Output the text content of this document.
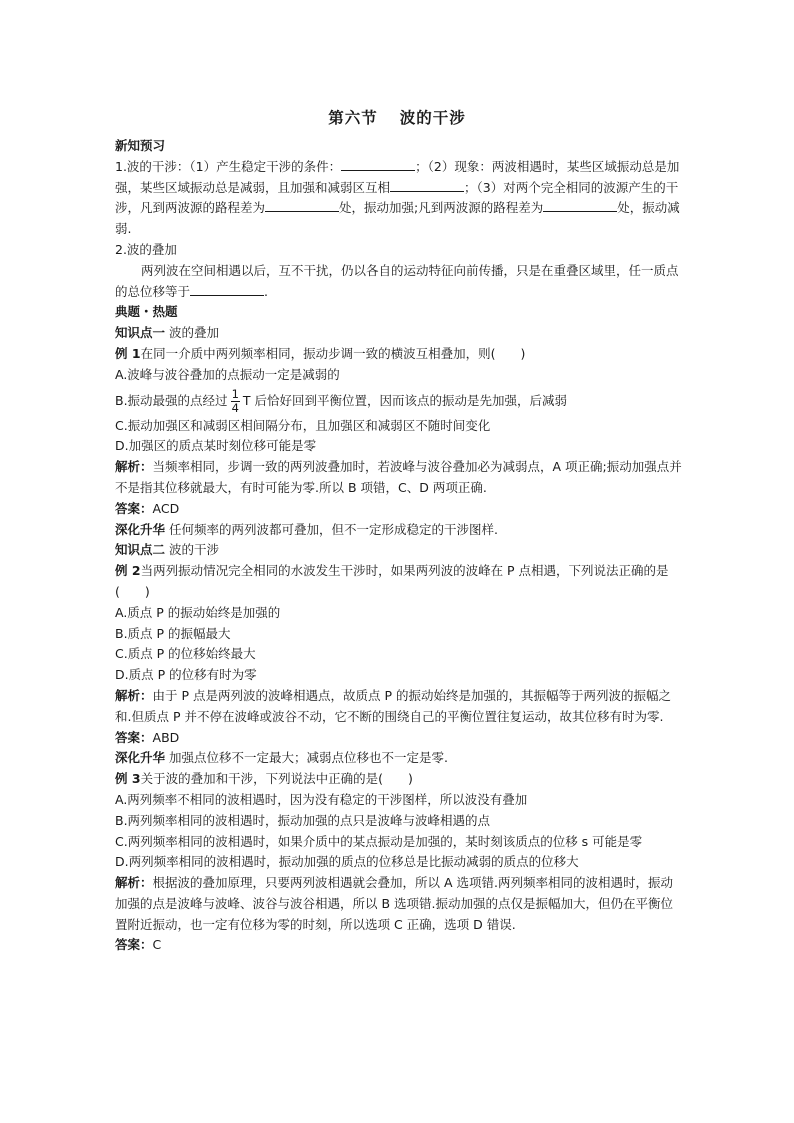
第六节 波的干涉

新知预习

1.波的干涉：（1）产生稳定干涉的条件：	；（2）现象：两波相遇时，某些区域振动总是加强，某些区域振动总是减弱，且加强和减弱区互相	；（3）对两个完全相同的波源产生的干涉，凡到两波源的路程差为	处，振动加强;凡到两波源的路程差为	处，振动减弱.

2.波的叠加

两列波在空间相遇以后，互不干扰，仍以各自的运动特征向前传播，只是在重叠区域里，任一质点的总位移等于	.

典题・热题

知识点一 波的叠加

例 1在同一介质中两列频率相同，振动步调一致的横波互相叠加，则(　　)

A.波峰与波谷叠加的点振动一定是减弱的

B.振动最强的点经过 $\frac{1}{4}$ T 后恰好回到平衡位置，因而该点的振动是先加强，后减弱

C.振动加强区和减弱区相间隔分布，且加强区和减弱区不随时间变化

D.加强区的质点某时刻位移可能是零

解析：当频率相同，步调一致的两列波叠加时，若波峰与波谷叠加必为减弱点，A 项正确;振动加强点并不是指其位移就最大，有时可能为零.所以 B 项错，C、D 两项正确.

答案：ACD

深化升华 任何频率的两列波都可叠加，但不一定形成稳定的干涉图样.

知识点二 波的干涉

例 2当两列振动情况完全相同的水波发生干涉时，如果两列波的波峰在 P 点相遇，下列说法正确的是(　　)

A.质点 P 的振动始终是加强的

B.质点 P 的振幅最大

C.质点 P 的位移始终最大

D.质点 P 的位移有时为零

解析：由于 P 点是两列波的波峰相遇点，故质点 P 的振动始终是加强的，其振幅等于两列波的振幅之和.但质点 P 并不停在波峰或波谷不动，它不断的围绕自己的平衡位置往复运动，故其位移有时为零.

答案：ABD

深化升华 加强点位移不一定最大；减弱点位移也不一定是零.

例 3关于波的叠加和干涉，下列说法中正确的是(　　)

A.两列频率不相同的波相遇时，因为没有稳定的干涉图样，所以波没有叠加

B.两列频率相同的波相遇时，振动加强的点只是波峰与波峰相遇的点

C.两列频率相同的波相遇时，如果介质中的某点振动是加强的，某时刻该质点的位移 s 可能是零

D.两列频率相同的波相遇时，振动加强的质点的位移总是比振动减弱的质点的位移大

解析：根据波的叠加原理，只要两列波相遇就会叠加，所以 A 选项错.两列频率相同的波相遇时，振动加强的点是波峰与波峰、波谷与波谷相遇，所以 B 选项错.振动加强的点仅是振幅加大，但仍在平衡位置附近振动，也一定有位移为零的时刻，所以选项 C 正确，选项 D 错误.

答案：C
